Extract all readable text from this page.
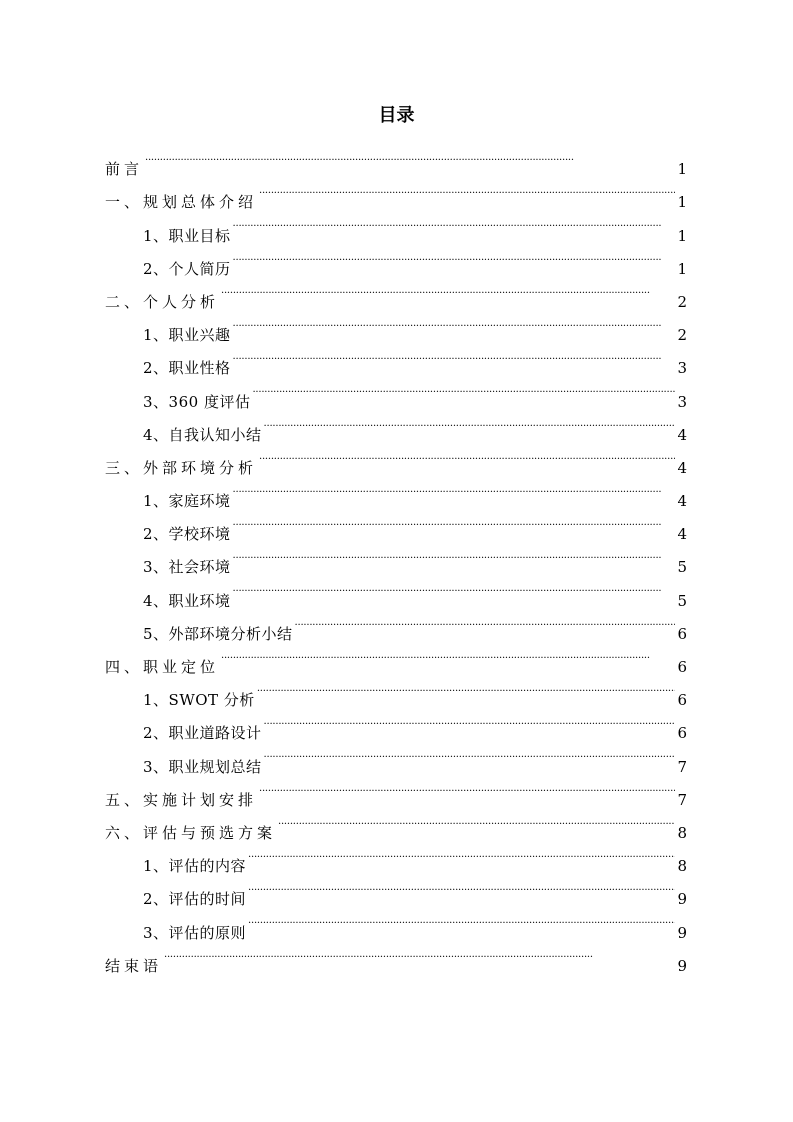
目录
前言 . . .	1
一、规划总体介绍 . . .	1
1、职业目标 . . .	1
2、个人简历 . . .	1
二、个人分析 . . .	2
1、职业兴趣 . . .	2
2、职业性格 . . .	3
3、360 度评估 . . .	3
4、自我认知小结 . . .	4
三、外部环境分析 . . .	4
1、家庭环境 . . .	4
2、学校环境 . . .	4
3、社会环境 . . .	5
4、职业环境 . . .	5
5、外部环境分析小结 . . .	6
四、职业定位 . . .	6
1、SWOT 分析 . . .	6
2、职业道路设计 . . .	6
3、职业规划总结 . . .	7
五、实施计划安排 . . .	7
六、评估与预选方案 . . .	8
1、评估的内容 . . .	8
2、评估的时间 . . .	9
3、评估的原则 . . .	9
结束语 . . .	9
